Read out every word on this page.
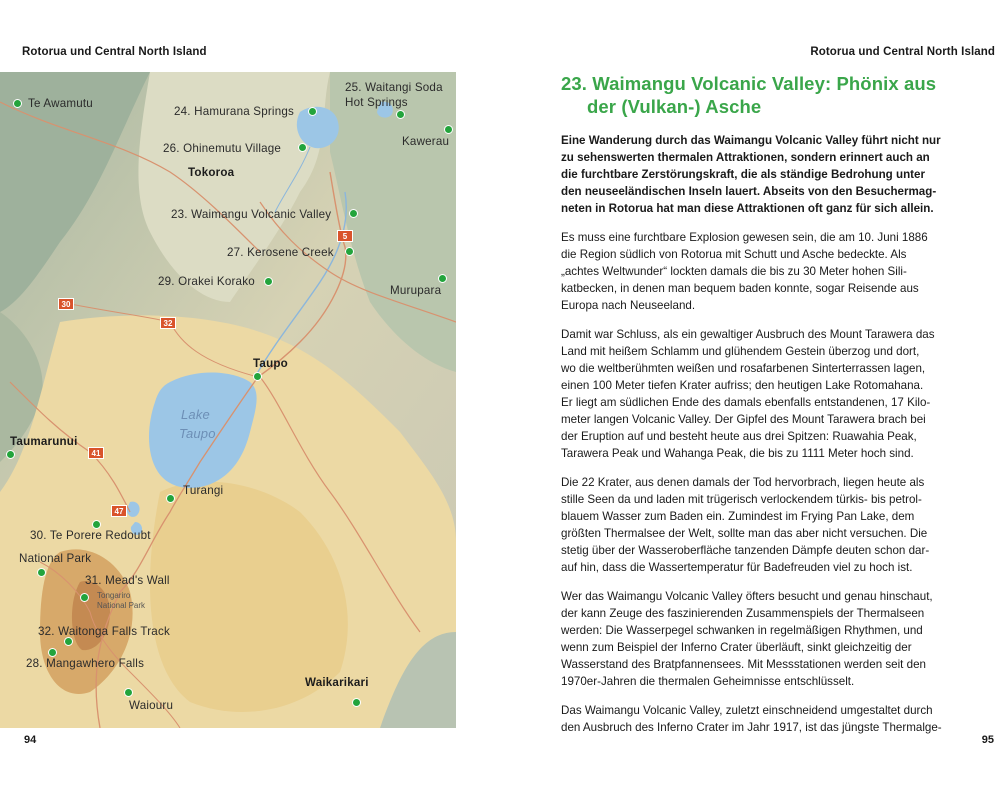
Rotorua und Central North Island	Rotorua und Central North Island
5
30
32
41
47
Te Awamutu
24. Hamurana Springs
25. Waitangi Soda
Hot Springs
Kawerau
26. Ohinemutu Village
Tokoroa
23. Waimangu Volcanic Valley
27. Kerosene Creek
29. Orakei Korako
Murupara
Taupo
Lake
Taupo
Taumarunui
Turangi
30. Te Porere Redoubt
National Park
31. Mead's Wall
Tongariro
National Park
32. Waitonga Falls Track
28. Mangawhero Falls
Waikarikari
Waiouru
23. Waimangu Volcanic Valley: Phönix aus
der (Vulkan-) Asche

Eine Wanderung durch das Waimangu Volcanic Valley führt nicht nur
zu sehenswerten thermalen Attraktionen, sondern erinnert auch an
die furchtbare Zerstörungskraft, die als ständige Bedrohung unter
den neuseeländischen Inseln lauert. Abseits von den Besuchermag-
neten in Rotorua hat man diese Attraktionen oft ganz für sich allein.

Es muss eine furchtbare Explosion gewesen sein, die am 10. Juni 1886
die Region südlich von Rotorua mit Schutt und Asche bedeckte. Als
„achtes Weltwunder“ lockten damals die bis zu 30 Meter hohen Sili-
katbecken, in denen man bequem baden konnte, sogar Reisende aus
Europa nach Neuseeland.

Damit war Schluss, als ein gewaltiger Ausbruch des Mount Tarawera das
Land mit heißem Schlamm und glühendem Gestein überzog und dort,
wo die weltberühmten weißen und rosafarbenen Sinterterrassen lagen,
einen 100 Meter tiefen Krater aufriss; den heutigen Lake Rotomahana.
Er liegt am südlichen Ende des damals ebenfalls entstandenen, 17 Kilo-
meter langen Volcanic Valley. Der Gipfel des Mount Tarawera brach bei
der Eruption auf und besteht heute aus drei Spitzen: Ruawahia Peak,
Tarawera Peak und Wahanga Peak, die bis zu 1111 Meter hoch sind.

Die 22 Krater, aus denen damals der Tod hervorbrach, liegen heute als
stille Seen da und laden mit trügerisch verlockendem türkis- bis petrol-
blauem Wasser zum Baden ein. Zumindest im Frying Pan Lake, dem
größten Thermalsee der Welt, sollte man das aber nicht versuchen. Die
stetig über der Wasseroberfläche tanzenden Dämpfe deuten schon dar-
auf hin, dass die Wassertemperatur für Badefreuden viel zu hoch ist.

Wer das Waimangu Volcanic Valley öfters besucht und genau hinschaut,
der kann Zeuge des faszinierenden Zusammenspiels der Thermalseen
werden: Die Wasserpegel schwanken in regelmäßigen Rhythmen, und
wenn zum Beispiel der Inferno Crater überläuft, sinkt gleichzeitig der
Wasserstand des Bratpfannensees. Mit Messstationen werden seit den
1970er-Jahren die thermalen Geheimnisse entschlüsselt.

Das Waimangu Volcanic Valley, zuletzt einschneidend umgestaltet durch
den Ausbruch des Inferno Crater im Jahr 1917, ist das jüngste Thermalge-

94	95
